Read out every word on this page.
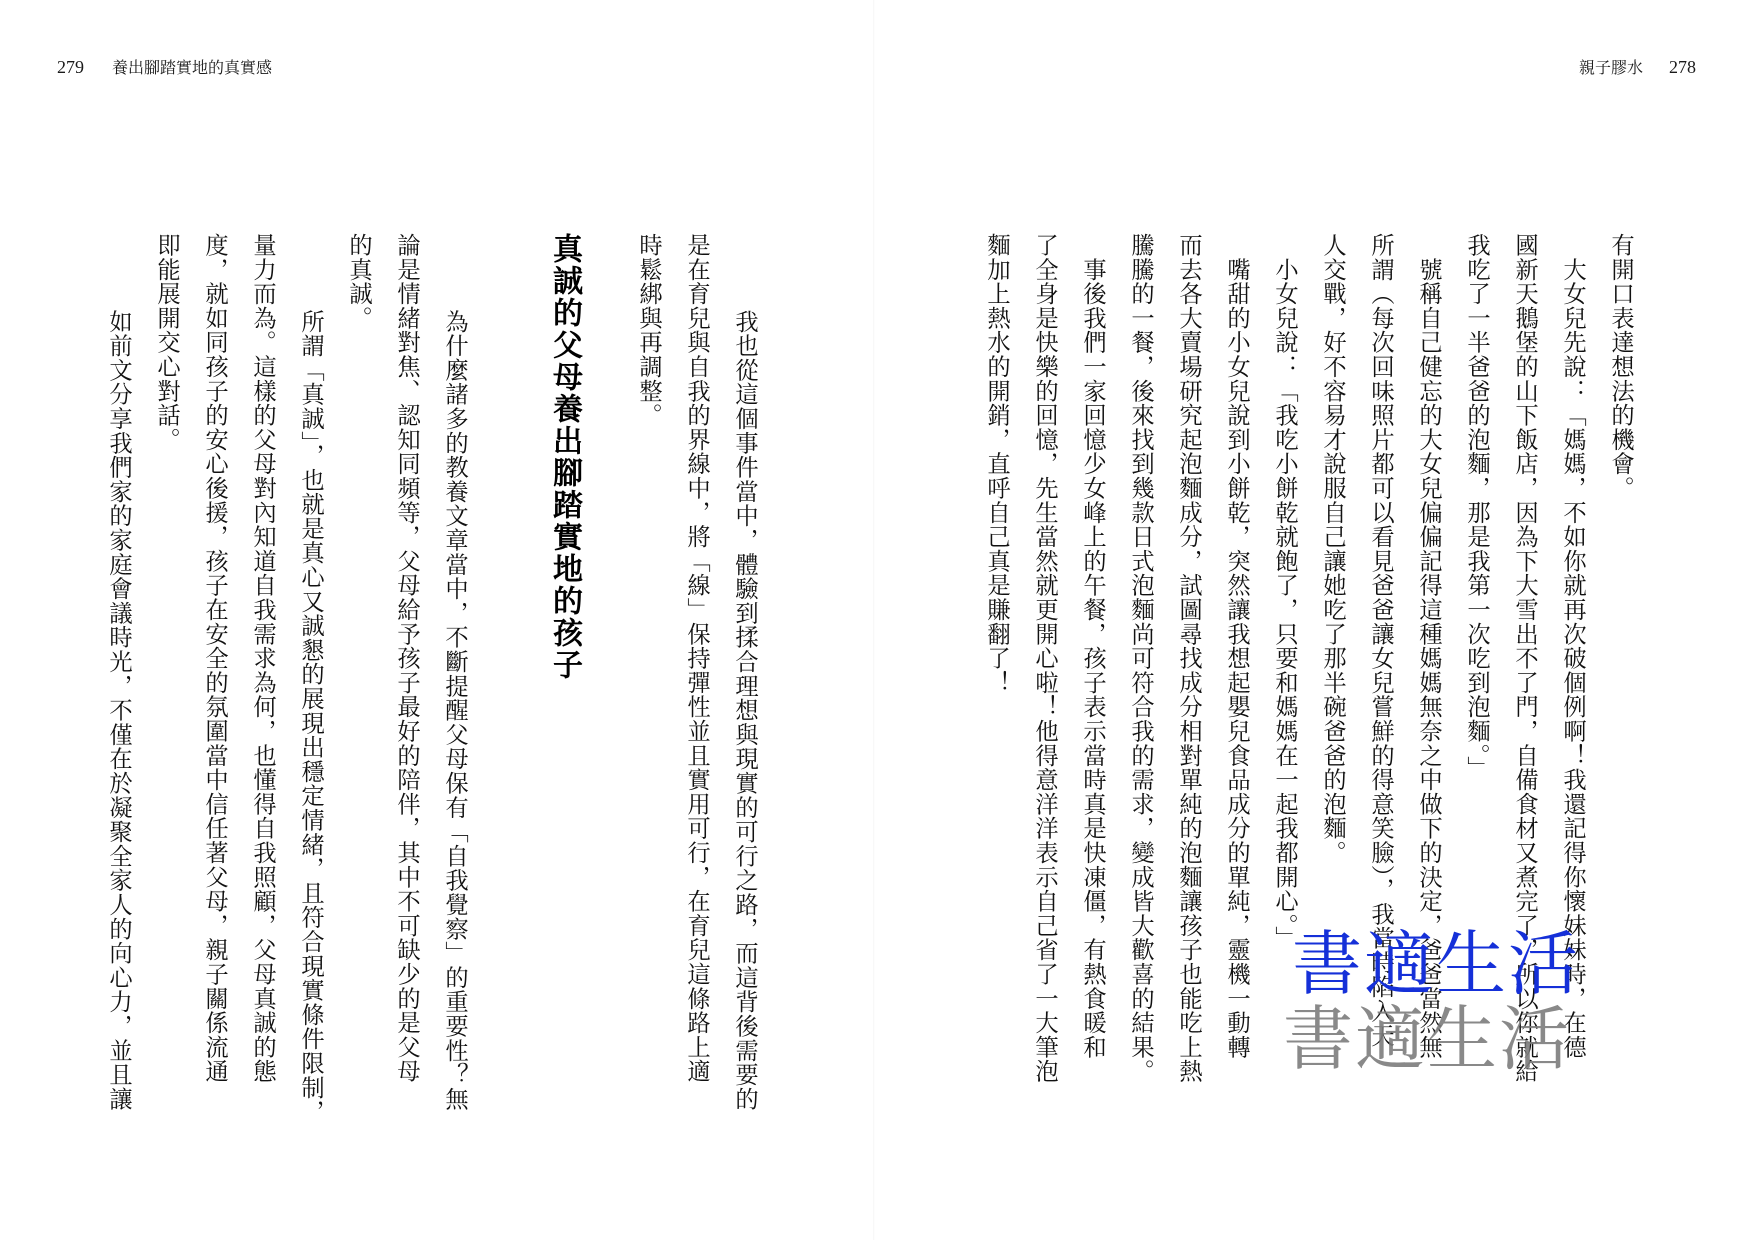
279 養出腳踏實地的真實感	親子膠水 278
有開口表達想法的機會。
　大女兒先說：「媽媽，不如你就再次破個例啊！我還記得你懷妹妹時，在德
國新天鵝堡的山下飯店，因為下大雪出不了門，自備食材又煮完了，所以你就給
我吃了一半爸爸的泡麵，那是我第一次吃到泡麵。」
　號稱自己健忘的大女兒偏偏記得這種媽媽無奈之中做下的決定，爸爸當然無
所謂（每次回味照片都可以看見爸爸讓女兒嘗鮮的得意笑臉），我當時陷入天
人交戰，好不容易才說服自己讓她吃了那半碗爸爸的泡麵。
　小女兒說：「我吃小餅乾就飽了，只要和媽媽在一起我都開心。」
　嘴甜的小女兒說到小餅乾，突然讓我想起嬰兒食品成分的單純，靈機一動轉
而去各大賣場研究起泡麵成分，試圖尋找成分相對單純的泡麵讓孩子也能吃上熱
騰騰的一餐，後來找到幾款日式泡麵尚可符合我的需求，變成皆大歡喜的結果。
　事後我們一家回憶少女峰上的午餐，孩子表示當時真是快凍僵，有熱食暖和
了全身是快樂的回憶，先生當然就更開心啦！他得意洋洋表示自己省了一大筆泡
麵加上熱水的開銷，直呼自己真是賺翻了！
　我也從這個事件當中，體驗到揉合理想與現實的可行之路，而這背後需要的
是在育兒與自我的界線中，將「線」保持彈性並且實用可行，在育兒這條路上適
時鬆綁與再調整。
真誠的父母養出腳踏實地的孩子
　為什麼諸多的教養文章當中，不斷提醒父母保有「自我覺察」的重要性？無
論是情緒對焦、認知同頻等，父母給予孩子最好的陪伴，其中不可缺少的是父母
的真誠。
　所謂「真誠」，也就是真心又誠懇的展現出穩定情緒，且符合現實條件限制，
量力而為。這樣的父母對內知道自我需求為何，也懂得自我照顧，父母真誠的態
度，就如同孩子的安心後援，孩子在安全的氛圍當中信任著父母，親子關係流通
即能展開交心對話。
　如前文分享我們家的家庭會議時光，不僅在於凝聚全家人的向心力，並且讓	書適生活
書適生活
